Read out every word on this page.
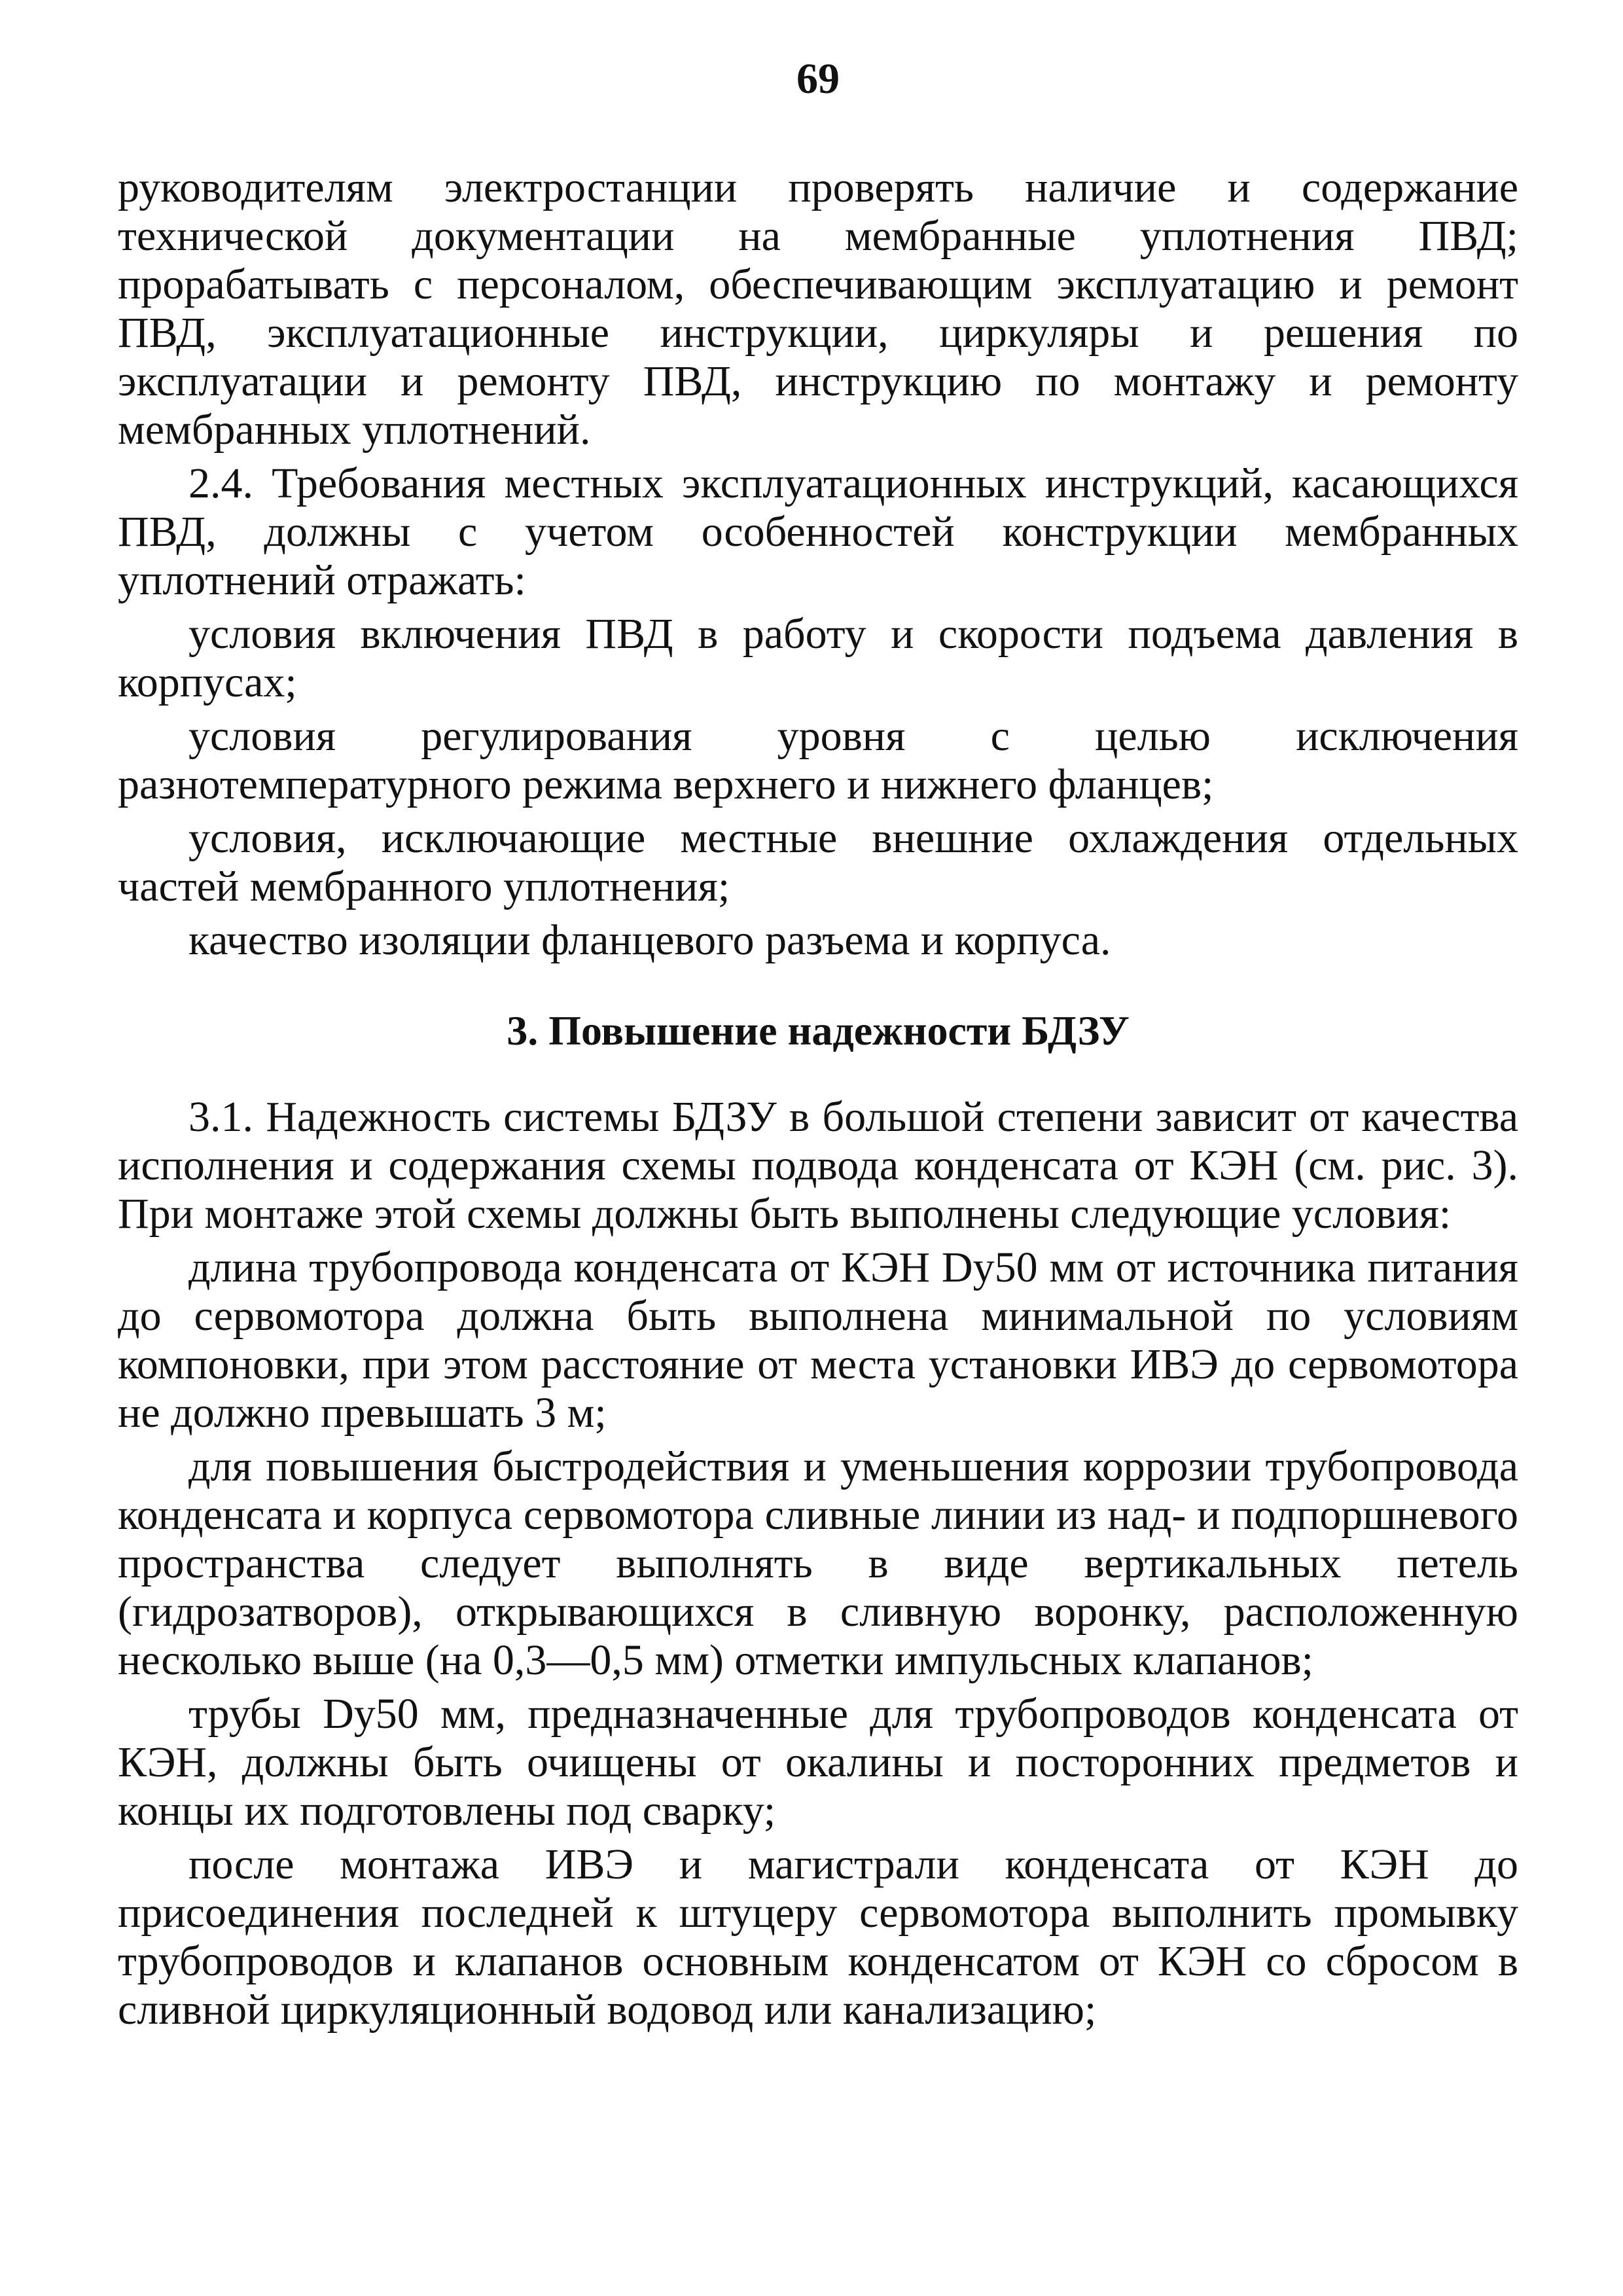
69

руководителям электростанции проверять наличие и содержание технической документации на мембранные уплотнения ПВД; прорабатывать с персоналом, обеспечивающим эксплуатацию и ремонт ПВД, эксплуатационные инструкции, циркуляры и решения по эксплуатации и ремонту ПВД, инструкцию по монтажу и ремонту мембранных уплотнений.

2.4. Требования местных эксплуатационных инструкций, касающихся ПВД, должны с учетом особенностей конструкции мембранных уплотнений отражать:

условия включения ПВД в работу и скорости подъема давления в корпусах;

условия регулирования уровня с целью исключения разнотемпературного режима верхнего и нижнего фланцев;

условия, исключающие местные внешние охлаждения отдельных частей мембранного уплотнения;

качество изоляции фланцевого разъема и корпуса.

3. Повышение надежности БДЗУ

3.1. Надежность системы БДЗУ в большой степени зависит от качества исполнения и содержания схемы подвода конденсата от КЭН (см. рис. 3). При монтаже этой схемы должны быть выполнены следующие условия:

длина трубопровода конденсата от КЭН Dу50 мм от источника питания до сервомотора должна быть выполнена минимальной по условиям компоновки, при этом расстояние от места установки ИВЭ до сервомотора не должно превышать 3 м;

для повышения быстродействия и уменьшения коррозии трубопровода конденсата и корпуса сервомотора сливные линии из над- и подпоршневого пространства следует выполнять в виде вертикальных петель (гидрозатворов), открывающихся в сливную воронку, расположенную несколько выше (на 0,3—0,5 мм) отметки импульсных клапанов;

трубы Dу50 мм, предназначенные для трубопроводов конденсата от КЭН, должны быть очищены от окалины и посторонних предметов и концы их подготовлены под сварку;

после монтажа ИВЭ и магистрали конденсата от КЭН до присоединения последней к штуцеру сервомотора выполнить промывку трубопроводов и клапанов основным конденсатом от КЭН со сбросом в сливной циркуляционный водовод или канализацию;
